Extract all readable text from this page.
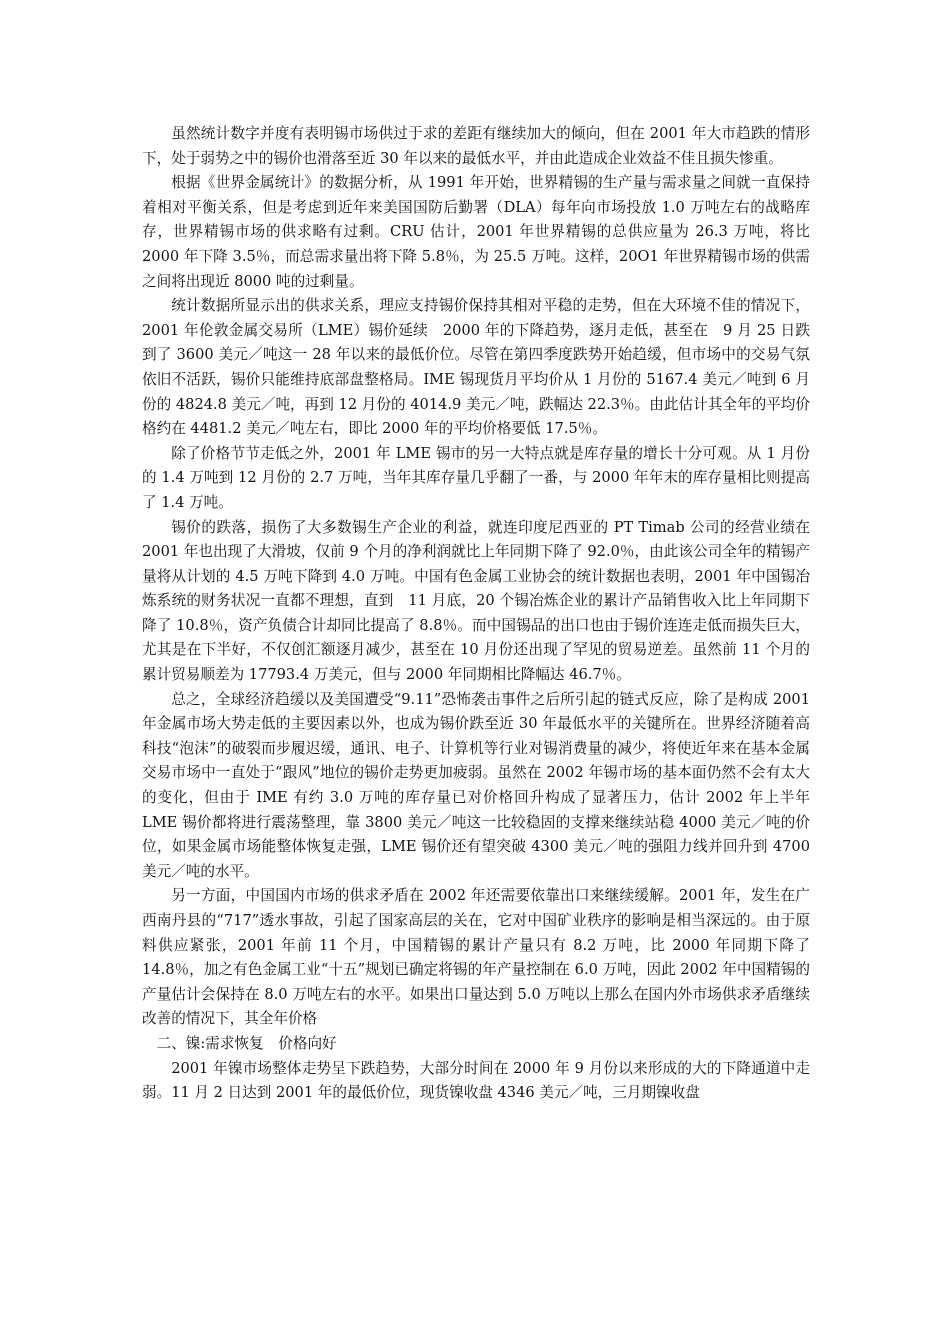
虽然统计数字并度有表明锡市场供过于求的差距有继续加大的倾向，但在 2001 年大市趋跌的情形下，处于弱势之中的锡价也滑落至近 30 年以来的最低水平，并由此造成企业效益不佳且损失惨重。

根据《世界金属统计》的数据分析，从 1991 年开始，世界精锡的生产量与需求量之间就一直保持着相对平衡关系，但是考虑到近年来美国国防后勤署（DLA）每年向市场投放 1.0 万吨左右的战略库存，世界精锡市场的供求略有过剩。CRU 估计，2001 年世界精锡的总供应量为 26.3 万吨，将比 2000 年下降 3.5％，而总需求量出将下降 5.8％，为 25.5 万吨。这样，20O1 年世界精锡市场的供需之间将出现近 8000 吨的过剩量。

统计数据所显示出的供求关系，理应支持锡价保持其相对平稳的走势，但在大环境不佳的情况下，2001 年伦敦金属交易所（LME）锡价延续　2000 年的下降趋势，逐月走低，甚至在　9 月 25 日跌到了 3600 美元／吨这一 28 年以来的最低价位。尽管在第四季度跌势开始趋缓，但市场中的交易气氛依旧不活跃，锡价只能维持底部盘整格局。IME 锡现货月平均价从 1 月份的 5167.4 美元／吨到 6 月份的 4824.8 美元／吨，再到 12 月份的 4014.9 美元／吨，跌幅达 22.3％。由此估计其全年的平均价格约在 4481.2 美元／吨左右，即比 2000 年的平均价格要低 17.5％。

除了价格节节走低之外，2001 年 LME 锡市的另一大特点就是库存量的增长十分可观。从 1 月份的 1.4 万吨到 12 月份的 2.7 万吨，当年其库存量几乎翻了一番，与 2000 年年末的库存量相比则提高了 1.4 万吨。

锡价的跌落，损伤了大多数锡生产企业的利益，就连印度尼西亚的 PT Timab 公司的经营业绩在 2001 年也出现了大滑坡，仅前 9 个月的净利润就比上年同期下降了 92.0％，由此该公司全年的精锡产量将从计划的 4.5 万吨下降到 4.0 万吨。中国有色金属工业协会的统计数据也表明，2001 年中国锡冶炼系统的财务状况一直都不理想，直到　11 月底，20 个锡冶炼企业的累计产品销售收入比上年同期下降了 10.8％，资产负债合计却同比提高了 8.8％。而中国锡品的出口也由于锡价连连走低而损失巨大，尤其是在下半好，不仅创汇额逐月减少，甚至在 10 月份还出现了罕见的贸易逆差。虽然前 11 个月的累计贸易顺差为 17793.4 万美元，但与 2000 年同期相比降幅达 46.7％。

总之，全球经济趋缓以及美国遭受“9.11”恐怖袭击事件之后所引起的链式反应，除了是构成 2001 年金属市场大势走低的主要因素以外，也成为锡价跌至近 30 年最低水平的关键所在。世界经济随着高科技“泡沫”的破裂而步履迟缓，通讯、电子、计算机等行业对锡消费量的减少，将使近年来在基本金属交易市场中一直处于“跟风”地位的锡价走势更加疲弱。虽然在 2002 年锡市场的基本面仍然不会有太大的变化，但由于 IME 有约 3.0 万吨的库存量已对价格回升构成了显著压力，估计 2002 年上半年 LME 锡价都将进行震荡整理，靠 3800 美元／吨这一比较稳固的支撑来继续站稳 4000 美元／吨的价位，如果金属市场能整体恢复走强，LME 锡价还有望突破 4300 美元／吨的强阻力线并回升到 4700 美元／吨的水平。

另一方面，中国国内市场的供求矛盾在 2002 年还需要依靠出口来继续缓解。2001 年，发生在广西南丹县的“717”透水事故，引起了国家高层的关在，它对中国矿业秩序的影响是相当深远的。由于原料供应紧张，2001 年前 11 个月，中国精锡的累计产量只有 8.2 万吨，比 2000 年同期下降了 14.8％，加之有色金属工业“十五”规划已确定将锡的年产量控制在 6.0 万吨，因此 2002 年中国精锡的产量估计会保持在 8.0 万吨左右的水平。如果出口量达到 5.0 万吨以上那么在国内外市场供求矛盾继续改善的情况下，其全年价格

二、镍:需求恢复　价格向好

2001 年镍市场整体走势呈下跌趋势，大部分时间在 2000 年 9 月份以来形成的大的下降通道中走弱。11 月 2 日达到 2001 年的最低价位，现货镍收盘 4346 美元／吨，三月期镍收盘
